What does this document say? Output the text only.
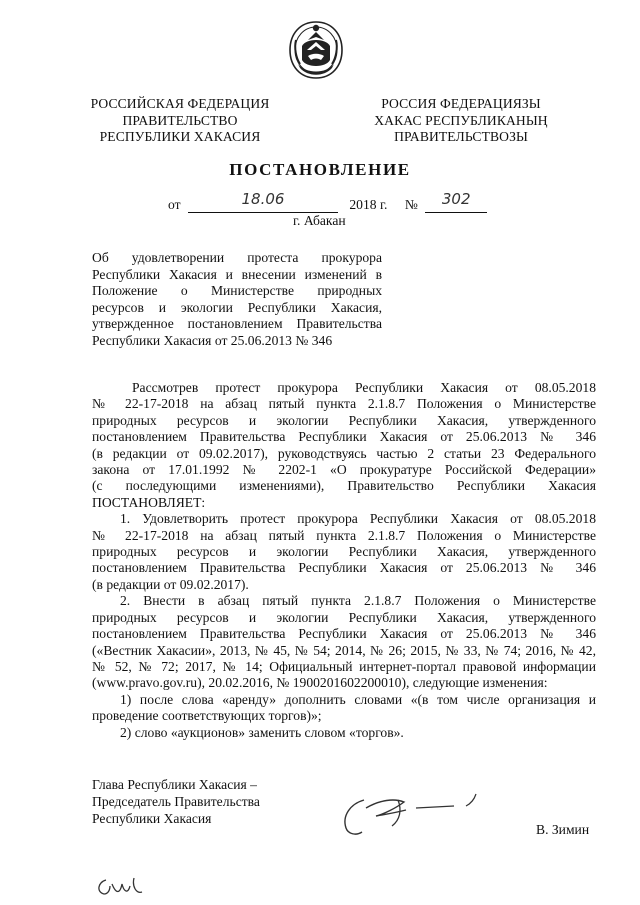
РОССИЙСКАЯ ФЕДЕРАЦИЯ
ПРАВИТЕЛЬСТВО
РЕСПУБЛИКИ ХАКАСИЯ
РОССИЯ ФЕДЕРАЦИЯЗЫ
ХАКАС РЕСПУБЛИКАНЫҢ
ПРАВИТЕЛЬСТВОЗЫ
ПОСТАНОВЛЕНИЕ
от	18.06	2018 г. №	302
г. Абакан
Об удовлетворении протеста прокурора
Республики Хакасия и внесении изменений в
Положение о Министерстве природных
ресурсов и экологии Республики Хакасия,
утвержденное постановлением Правительства
Республики Хакасия от 25.06.2013 № 346
Рассмотрев протест прокурора Республики Хакасия от 08.05.2018
№ 22-17-2018 на абзац пятый пункта 2.1.8.7 Положения о Министерстве
природных ресурсов и экологии Республики Хакасия, утвержденного
постановлением Правительства Республики Хакасия от 25.06.2013 № 346
(в редакции от 09.02.2017), руководствуясь частью 2 статьи 23 Федерального
закона от 17.01.1992 № 2202-1 «О прокуратуре Российской Федерации»
(с последующими изменениями), Правительство Республики Хакасия
ПОСТАНОВЛЯЕТ:
1. Удовлетворить протест прокурора Республики Хакасия от 08.05.2018
№ 22-17-2018 на абзац пятый пункта 2.1.8.7 Положения о Министерстве
природных ресурсов и экологии Республики Хакасия, утвержденного
постановлением Правительства Республики Хакасия от 25.06.2013 № 346
(в редакции от 09.02.2017).
2. Внести в абзац пятый пункта 2.1.8.7 Положения о Министерстве
природных ресурсов и экологии Республики Хакасия, утвержденного
постановлением Правительства Республики Хакасия от 25.06.2013 № 346
(«Вестник Хакасии», 2013, № 45, № 54; 2014, № 26; 2015, № 33, № 74; 2016, № 42,
№ 52, № 72; 2017, № 14; Официальный интернет-портал правовой информации
(www.pravo.gov.ru), 20.02.2016, № 1900201602200010), следующие изменения:
1) после слова «аренду» дополнить словами «(в том числе организация и
проведение соответствующих торгов)»;
2) слово «аукционов» заменить словом «торгов».
Глава Республики Хакасия –
Председатель Правительства
Республики Хакасия
В. Зимин
